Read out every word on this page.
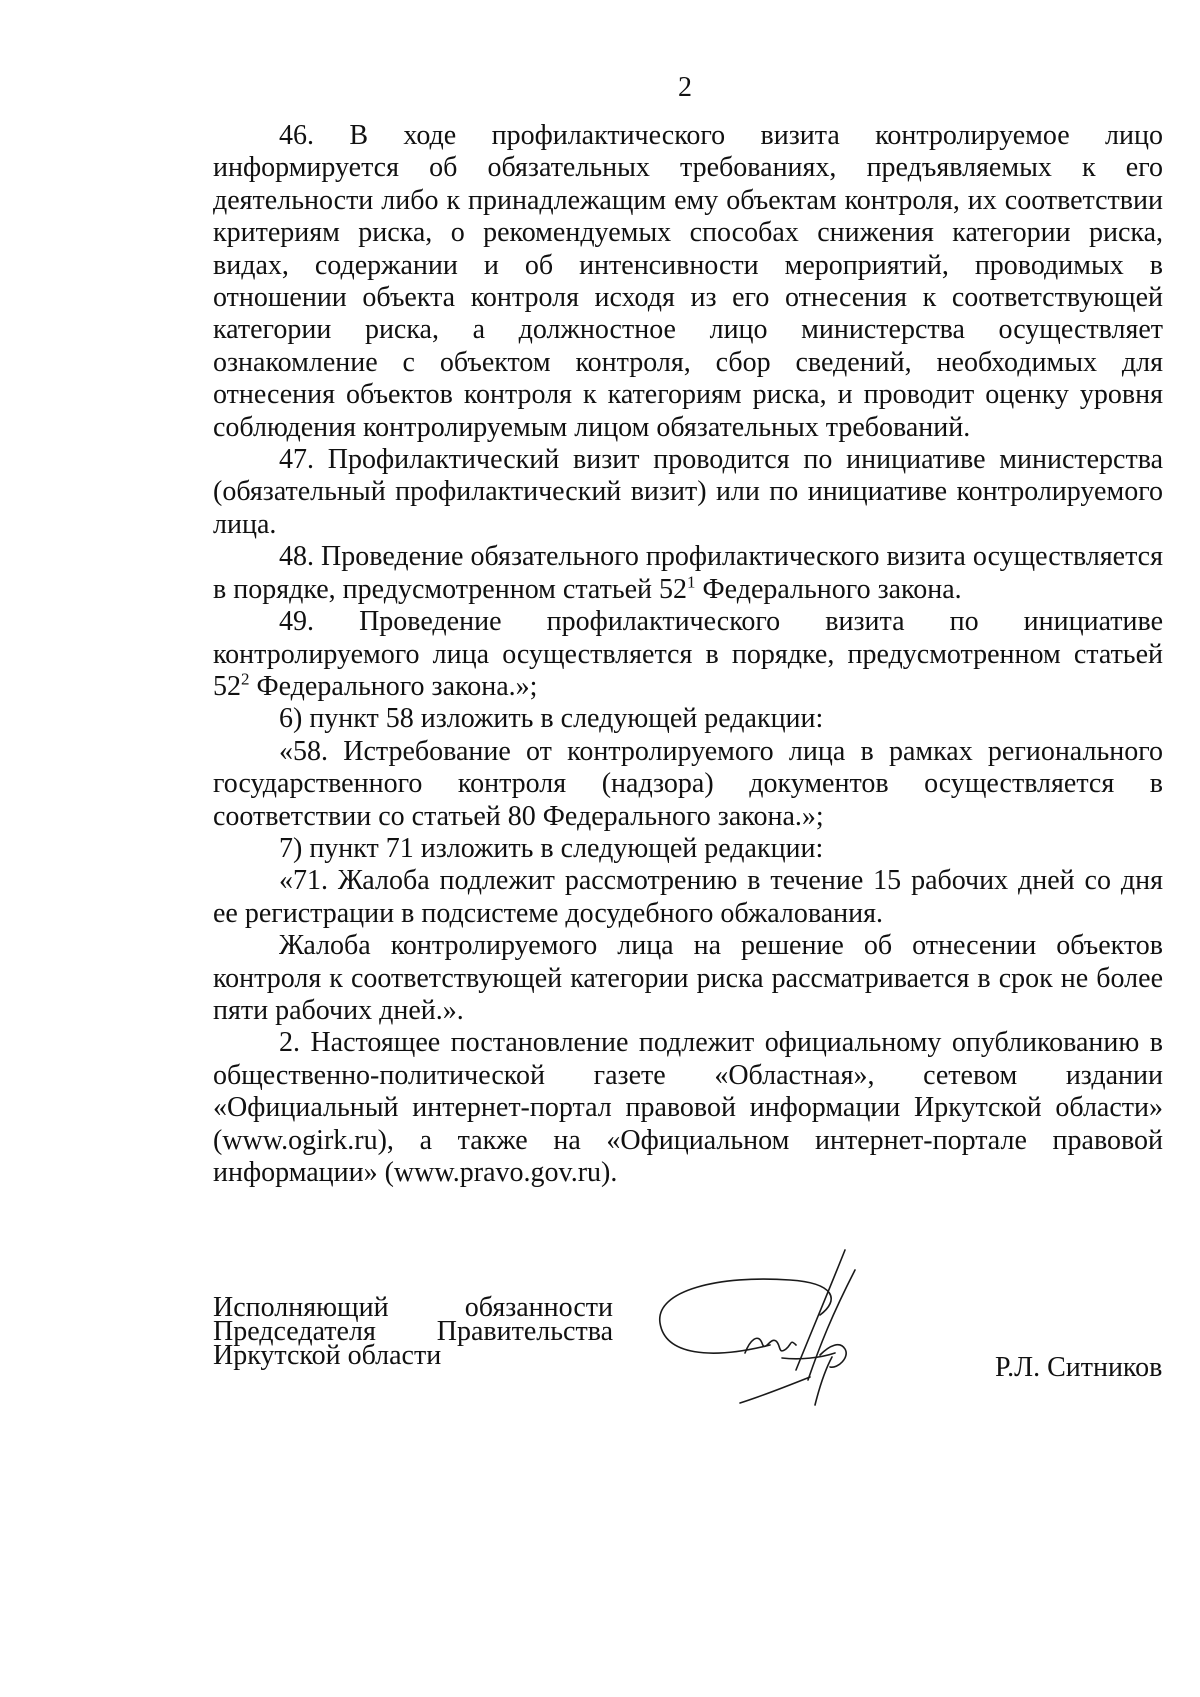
2

46. В ходе профилактического визита контролируемое лицо информируется об обязательных требованиях, предъявляемых к его деятельности либо к принадлежащим ему объектам контроля, их соответствии критериям риска, о рекомендуемых способах снижения категории риска, видах, содержании и об интенсивности мероприятий, проводимых в отношении объекта контроля исходя из его отнесения к соответствующей категории риска, а должностное лицо министерства осуществляет ознакомление с объектом контроля, сбор сведений, необходимых для отнесения объектов контроля к категориям риска, и проводит оценку уровня соблюдения контролируемым лицом обязательных требований.

47. Профилактический визит проводится по инициативе министерства (обязательный профилактический визит) или по инициативе контролируемого лица.

48. Проведение обязательного профилактического визита осуществляется в порядке, предусмотренном статьей $52^1$ Федерального закона.

49. Проведение профилактического визита по инициативе контролируемого лица осуществляется в порядке, предусмотренном статьей $52^2$ Федерального закона.»;

6) пункт 58 изложить в следующей редакции:

«58. Истребование от контролируемого лица в рамках регионального государственного контроля (надзора) документов осуществляется в соответствии со статьей 80 Федерального закона.»;

7) пункт 71 изложить в следующей редакции:

«71. Жалоба подлежит рассмотрению в течение 15 рабочих дней со дня ее регистрации в подсистеме досудебного обжалования.

Жалоба контролируемого лица на решение об отнесении объектов контроля к соответствующей категории риска рассматривается в срок не более пяти рабочих дней.».

2. Настоящее постановление подлежит официальному опубликованию в общественно-политической газете «Областная», сетевом издании «Официальный интернет-портал правовой информации Иркутской области» (www.ogirk.ru), а также на «Официальном интернет-портале правовой информации» (www.pravo.gov.ru).

Исполняющий обязанности
Председателя Правительства
Иркутской области	Р.Л. Ситников
